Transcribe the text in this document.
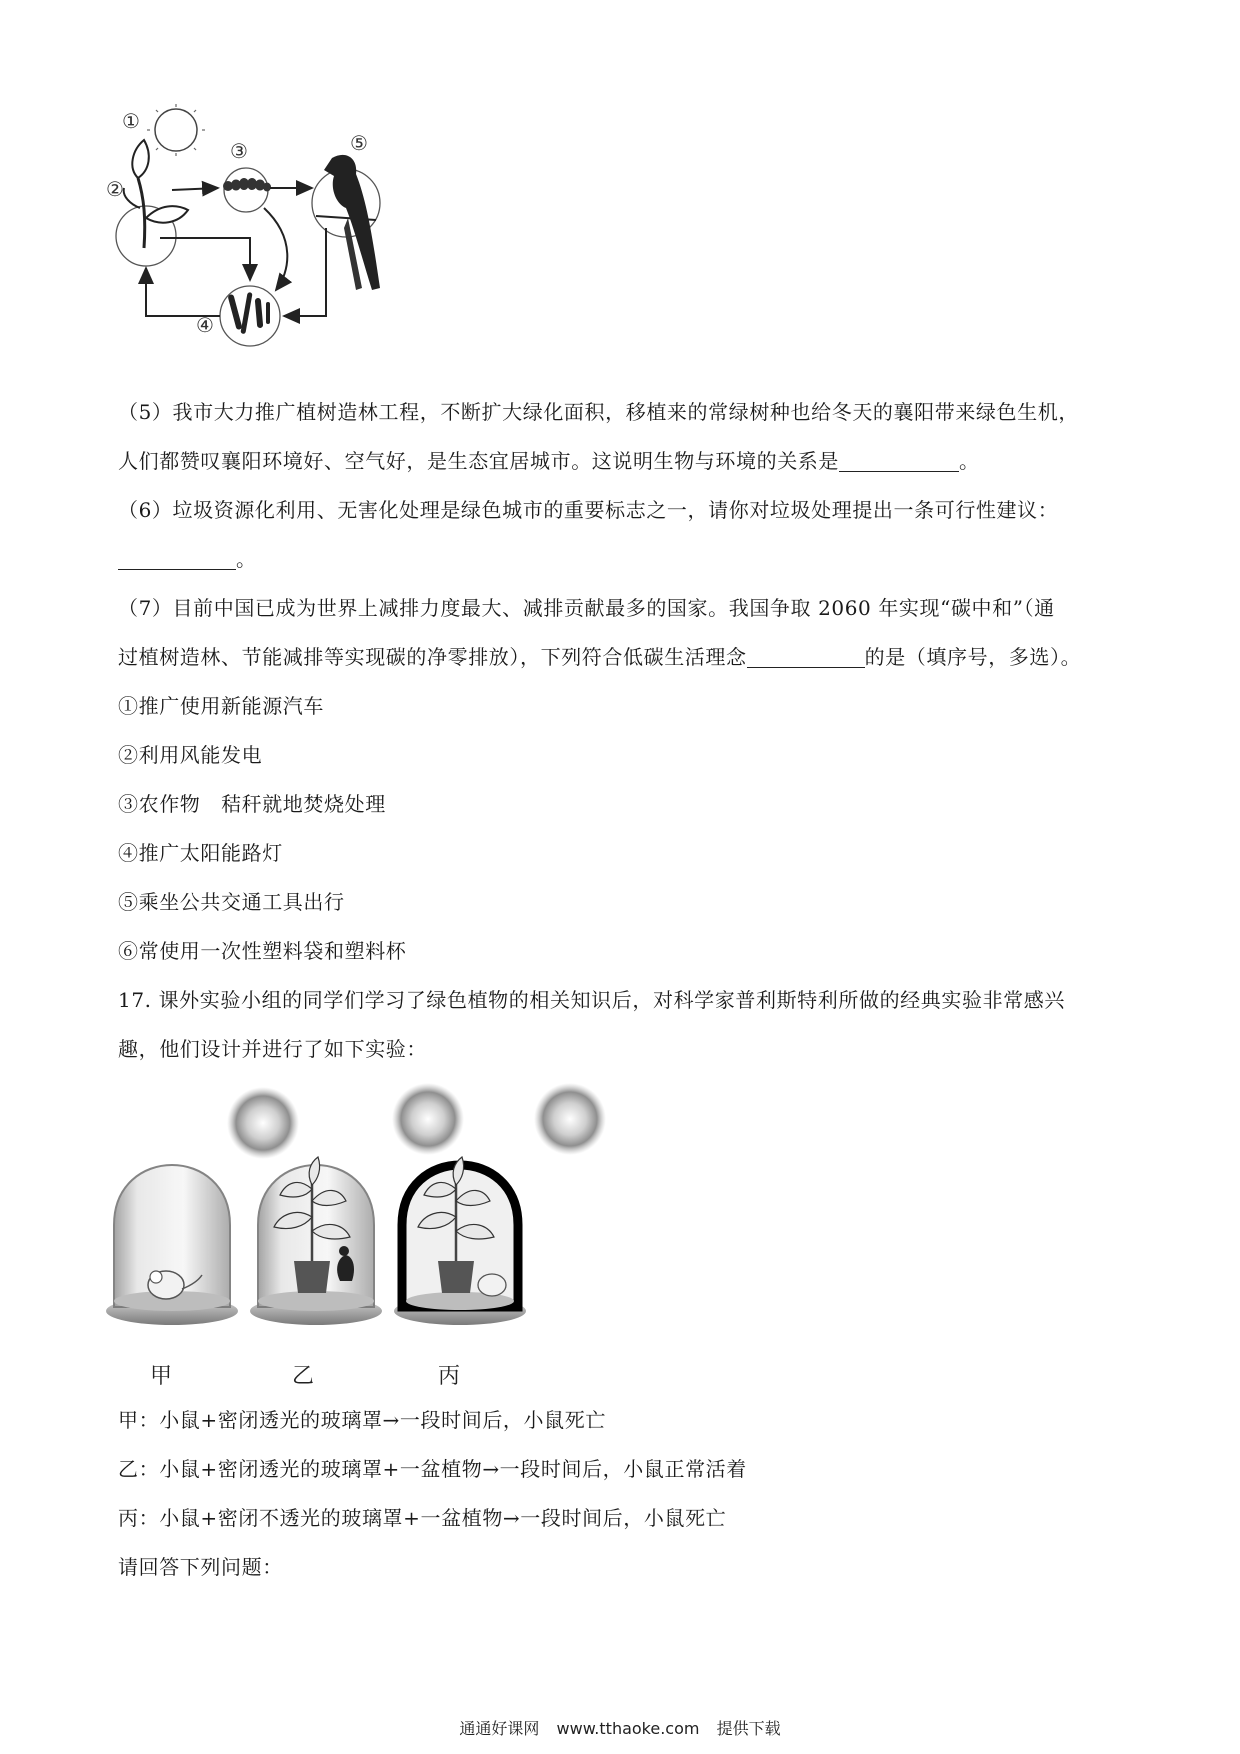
①
②
③	⑤
④
（5）我市大力推广植树造林工程，不断扩大绿化面积，移植来的常绿树种也给冬天的襄阳带来绿色生机，
人们都赞叹襄阳环境好、空气好，是生态宜居城市。这说明生物与环境的关系是	。
（6）垃圾资源化利用、无害化处理是绿色城市的重要标志之一，请你对垃圾处理提出一条可行性建议：
。
（7）目前中国已成为世界上减排力度最大、减排贡献最多的国家。我国争取 2060 年实现“碳中和”（通
过植树造林、节能减排等实现碳的净零排放），下列符合低碳生活理念	的是（填序号，多选）。
①推广使用新能源汽车
②利用风能发电
③农作物　秸秆就地焚烧处理
④推广太阳能路灯
⑤乘坐公共交通工具出行
⑥常使用一次性塑料袋和塑料杯
17. 课外实验小组的同学们学习了绿色植物的相关知识后，对科学家普利斯特利所做的经典实验非常感兴
趣，他们设计并进行了如下实验：
甲	乙	丙
甲：小鼠+密闭透光的玻璃罩→一段时间后，小鼠死亡
乙：小鼠+密闭透光的玻璃罩+一盆植物→一段时间后，小鼠正常活着
丙：小鼠+密闭不透光的玻璃罩+一盆植物→一段时间后，小鼠死亡
请回答下列问题：
通通好课网 www.tthaoke.com 提供下载
